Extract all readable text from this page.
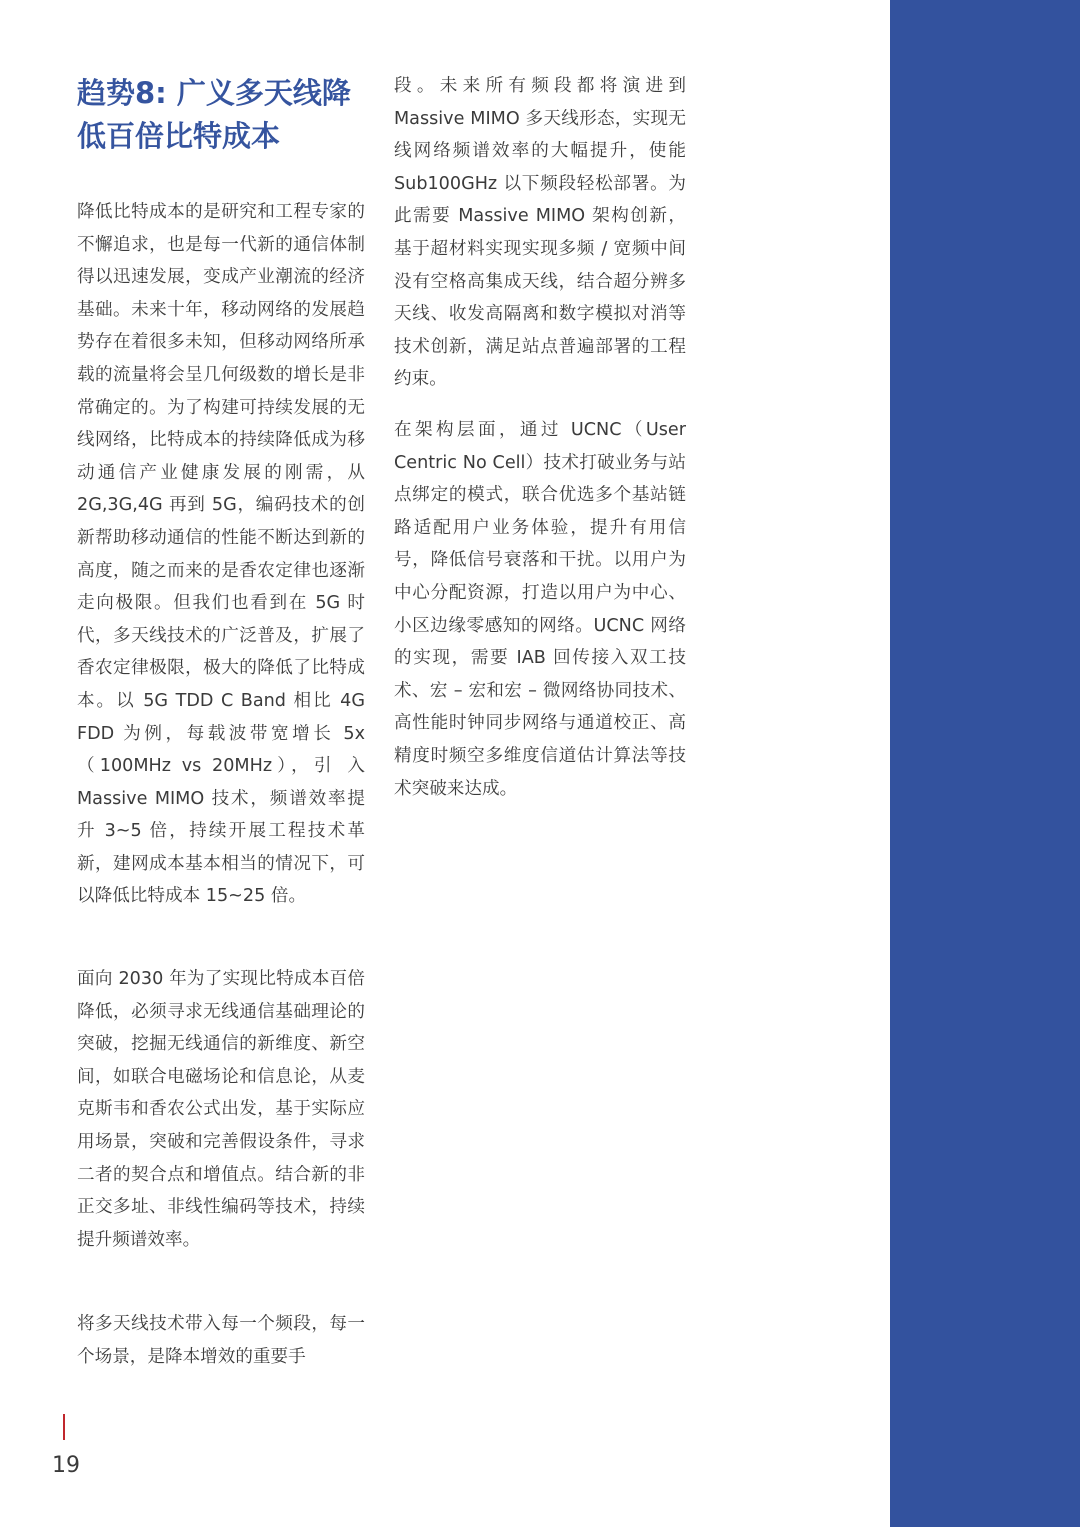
趋势8: 广义多天线降低百倍比特成本

降低比特成本的是研究和工程专家的不懈追求，也是每一代新的通信体制得以迅速发展，变成产业潮流的经济基础。未来十年，移动网络的发展趋势存在着很多未知，但移动网络所承载的流量将会呈几何级数的增长是非常确定的。为了构建可持续发展的无线网络，比特成本的持续降低成为移动通信产业健康发展的刚需，从 2G,3G,4G 再到 5G，编码技术的创新帮助移动通信的性能不断达到新的高度，随之而来的是香农定律也逐渐走向极限。但我们也看到在 5G 时代，多天线技术的广泛普及，扩展了香农定律极限，极大的降低了比特成本。以 5G TDD C Band 相比 4G FDD 为例，每载波带宽增长 5x（100MHz vs 20MHz），引 入 Massive MIMO 技术，频谱效率提升 3~5 倍，持续开展工程技术革新，建网成本基本相当的情况下，可以降低比特成本 15~25 倍。

面向 2030 年为了实现比特成本百倍降低，必须寻求无线通信基础理论的突破，挖掘无线通信的新维度、新空间，如联合电磁场论和信息论，从麦克斯韦和香农公式出发，基于实际应用场景，突破和完善假设条件，寻求二者的契合点和增值点。结合新的非正交多址、非线性编码等技术，持续提升频谱效率。

将多天线技术带入每一个频段，每一个场景，是降本增效的重要手

段。未来所有频段都将演进到 Massive MIMO 多天线形态，实现无线网络频谱效率的大幅提升，使能 Sub100GHz 以下频段轻松部署。为此需要 Massive MIMO 架构创新，基于超材料实现实现多频 / 宽频中间没有空格高集成天线，结合超分辨多天线、收发高隔离和数字模拟对消等技术创新，满足站点普遍部署的工程约束。

在架构层面，通过 UCNC（User Centric No Cell）技术打破业务与站点绑定的模式，联合优选多个基站链路适配用户业务体验，提升有用信号，降低信号衰落和干扰。以用户为中心分配资源，打造以用户为中心、小区边缘零感知的网络。UCNC 网络的实现，需要 IAB 回传接入双工技术、宏 – 宏和宏 – 微网络协同技术、高性能时钟同步网络与通道校正、高精度时频空多维度信道估计算法等技术突破来达成。

19
